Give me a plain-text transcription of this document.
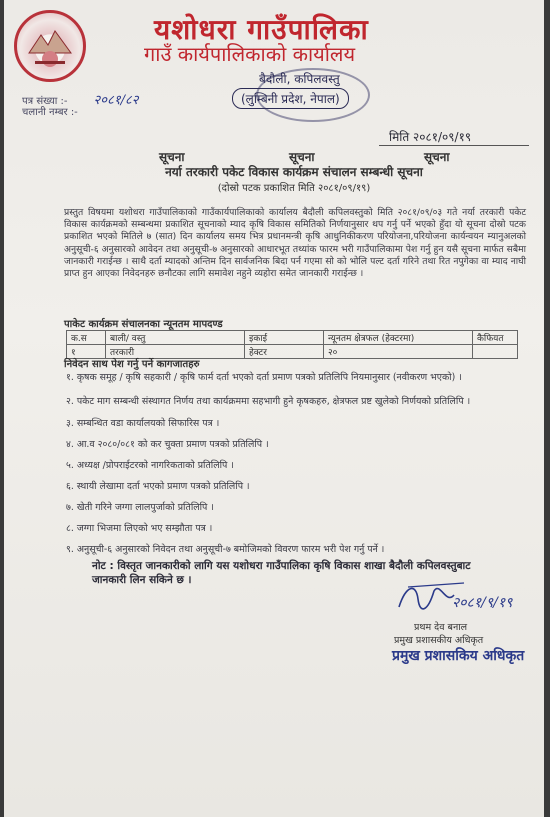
यशोधरा गाउँपालिका
गाउँ कार्यपालिकाको कार्यालय
बैदौली, कपिलवस्तु
(लुम्बिनी प्रदेश, नेपाल)
पत्र संख्या :- २०८१/८२
चलानी नम्बर :-
मिति २०८१/०९/१९
सूचना	सूचना	सूचना
नर्या तरकारी पकेट विकास कार्यक्रम संचालन सम्बन्धी सूचना
(दोस्रो पटक प्रकाशित मिति २०८१/०९/१९)
प्रस्तुत विषयमा यशोधरा गाउँपालिकाको गाउँकार्यपालिकाको कार्यालय बैदौली कपिलवस्तुको मिति २०८१/०९/०३ गते नर्या तरकारी पकेट विकास कार्यक्रमको सम्बन्धमा प्रकाशित सूचनाको म्याद कृषि विकास समितिको निर्णयानुसार थप गर्नु पर्ने भएको हुँदा यो सूचना दोस्रो पटक प्रकाशित भएको मितिले ७ (सात) दिन कार्यालय समय भित्र प्रधानमन्त्री कृषि आधुनिकीकरण परियोजना,परियोजना कार्यन्वयन म्यानुअलको अनुसूची-६ अनुसारको आवेदन तथा अनुसूची-७ अनुसारको आधारभूत तथ्यांक फारम भरी गाउँपालिकामा पेश गर्नु हुन यसै सूचना मार्फत सबैमा जानकारी गराईन्छ । साथै दर्ता म्यादको अन्तिम दिन सार्वजनिक बिदा पर्न गएमा सो को भोलि पल्ट दर्ता गरिने तथा रित नपुगेका वा म्याद नाघी प्राप्त हुन आएका निवेदनहरु छनौटका लागि समावेश नहुने व्यहोरा समेत जानकारी गराईन्छ ।
पाकेट कार्यक्रम संचालनका न्यूनतम मापदण्ड
क.स	बाली/ वस्तु	इकाई	न्यूनतम क्षेत्रफल (हेक्टरमा)	कैफियत
१	तरकारी	हेक्टर	२०	
निवेदन साथ पेश गर्नु पर्ने कागजातहरु
१. कृषक समूह / कृषि सहकारी / कृषि फार्म दर्ता भएको दर्ता प्रमाण पत्रको प्रतिलिपि नियमानुसार (नवीकरण भएको) ।
२. पकेट माग सम्बन्धी संस्थागत निर्णय तथा कार्यक्रममा सहभागी हुने कृषकहरु, क्षेत्रफल प्रष्ट खुलेको निर्णयको प्रतिलिपि ।
३. सम्बन्धित वडा कार्यालयको सिफारिस पत्र ।
४. आ.व २०८०/०८१ को कर चुक्ता प्रमाण पत्रको प्रतिलिपि ।
५. अध्यक्ष /प्रोपराईटरको नागरिकताको प्रतिलिपि ।
६. स्थायी लेखामा दर्ता भएको प्रमाण पत्रको प्रतिलिपि ।
७. खेती गरिने जग्गा लालपुर्जाको प्रतिलिपि ।
८. जग्गा भिजमा लिएको भए सम्झौता पत्र ।
९. अनुसूची-६ अनुसारको निवेदन तथा अनुसूची-७ बमोजिमको विवरण फारम भरी पेश गर्नु पर्ने ।
नोट : विस्तृत जानकारीको लागि यस यशोधरा गाउँपालिका कृषि विकास शाखा बैदौली कपिलवस्तुबाट जानकारी लिन सकिने छ ।
२०८१/९/१९
प्रथम देव बनाल
प्रमुख प्रशासकीय अधिकृत
प्रमुख प्रशासकिय अधिकृत
